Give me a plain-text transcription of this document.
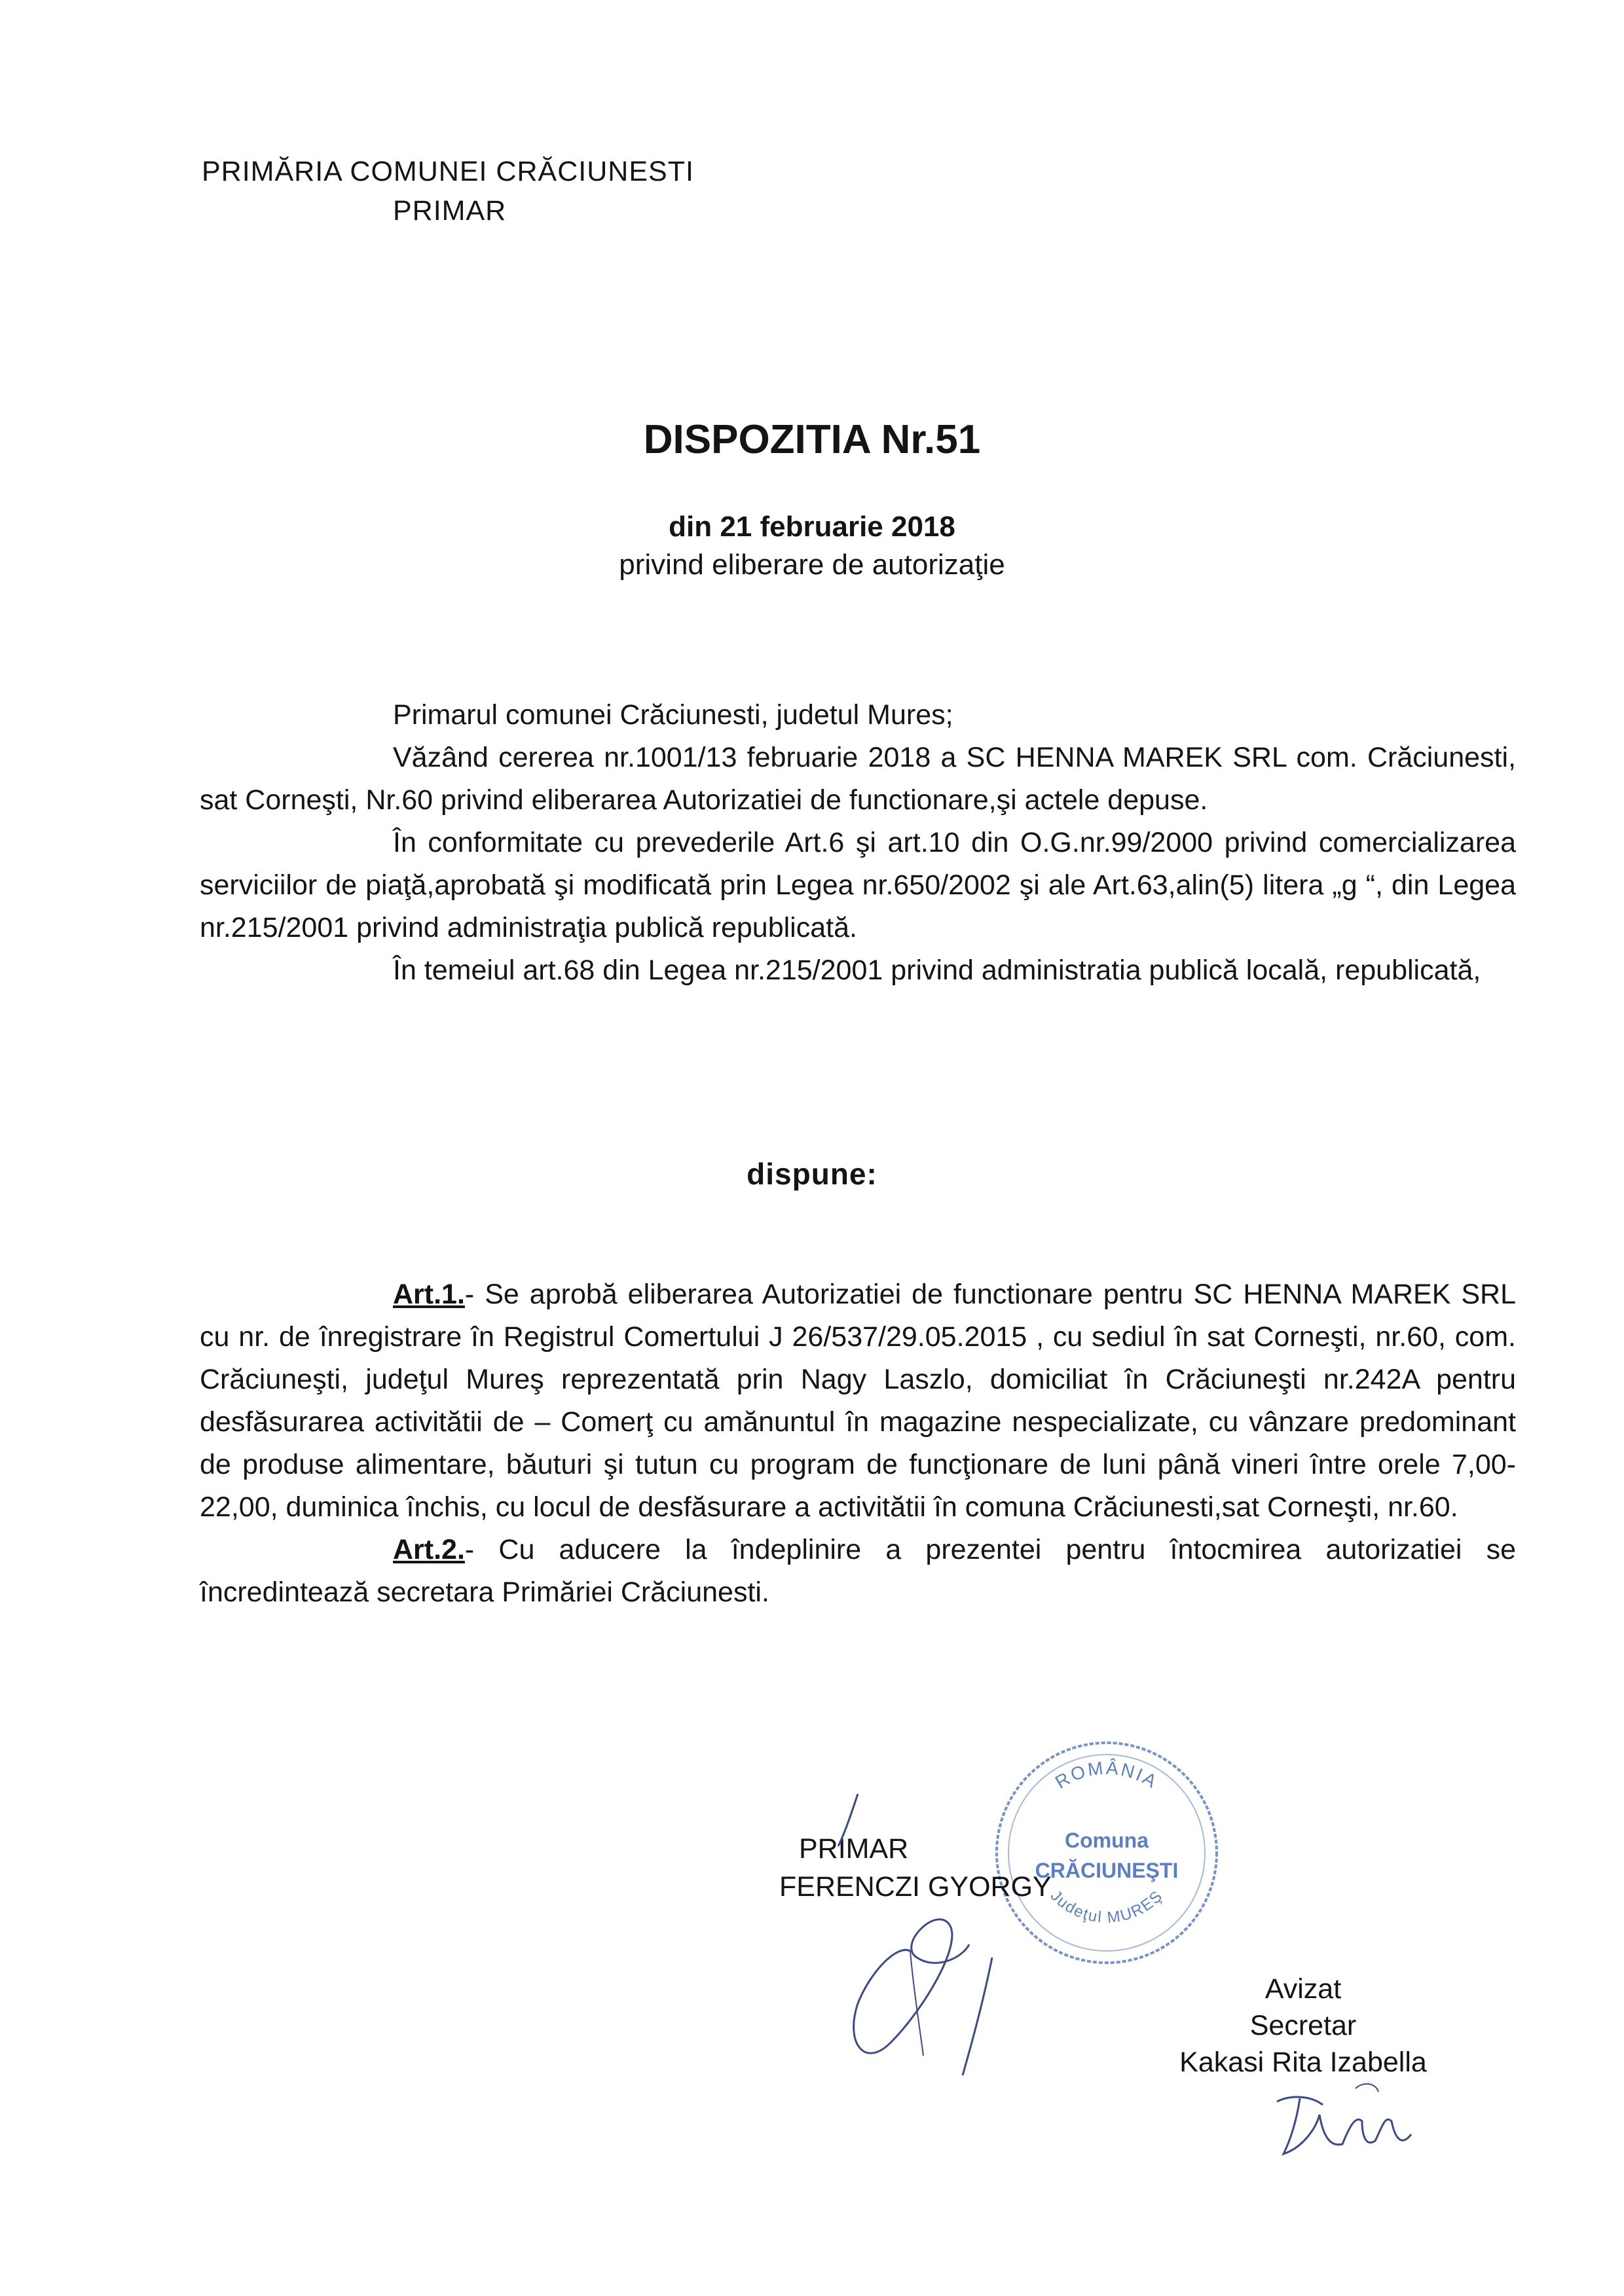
PRIMĂRIA COMUNEI CRĂCIUNESTI
PRIMAR
DISPOZITIA Nr.51
din 21 februarie 2018
privind eliberare de autorizaţie

Primarul comunei Crăciunesti, judetul Mures;

Văzând cererea nr.1001/13 februarie 2018 a SC HENNA MAREK SRL com. Crăciunesti, sat Corneşti, Nr.60 privind eliberarea Autorizatiei de functionare,şi actele depuse.

În conformitate cu prevederile Art.6 şi art.10 din O.G.nr.99/2000 privind comercializarea serviciilor de piaţă,aprobată şi modificată prin Legea nr.650/2002 şi ale Art.63,alin(5) litera „g “, din Legea nr.215/2001 privind administraţia publică republicată.

În temeiul art.68 din Legea nr.215/2001 privind administratia publică locală, republicată,

dispune:

Art.1.- Se aprobă eliberarea Autorizatiei de functionare pentru SC HENNA MAREK SRL cu nr. de înregistrare în Registrul Comertului J 26/537/29.05.2015 , cu sediul în sat Corneşti, nr.60, com. Crăciuneşti, judeţul Mureş reprezentată prin Nagy Laszlo, domiciliat în Crăciuneşti nr.242A pentru desfăsurarea activitătii de – Comerţ cu amănuntul în magazine nespecializate, cu vânzare predominant de produse alimentare, băuturi şi tutun cu program de funcţionare de luni până vineri între orele 7,00-22,00, duminica închis, cu locul de desfăsurare a activitătii în comuna Crăciunesti,sat Corneşti, nr.60.

Art.2.- Cu aducere la îndeplinire a prezentei pentru întocmirea autorizatiei se încredintează secretara Primăriei Crăciunesti.

ROMÂNIA
Comuna
CRĂCIUNEŞTI
Judeţul MUREŞ
PRIMAR
FERENCZI GYORGY
Avizat
Secretar
Kakasi Rita Izabella
